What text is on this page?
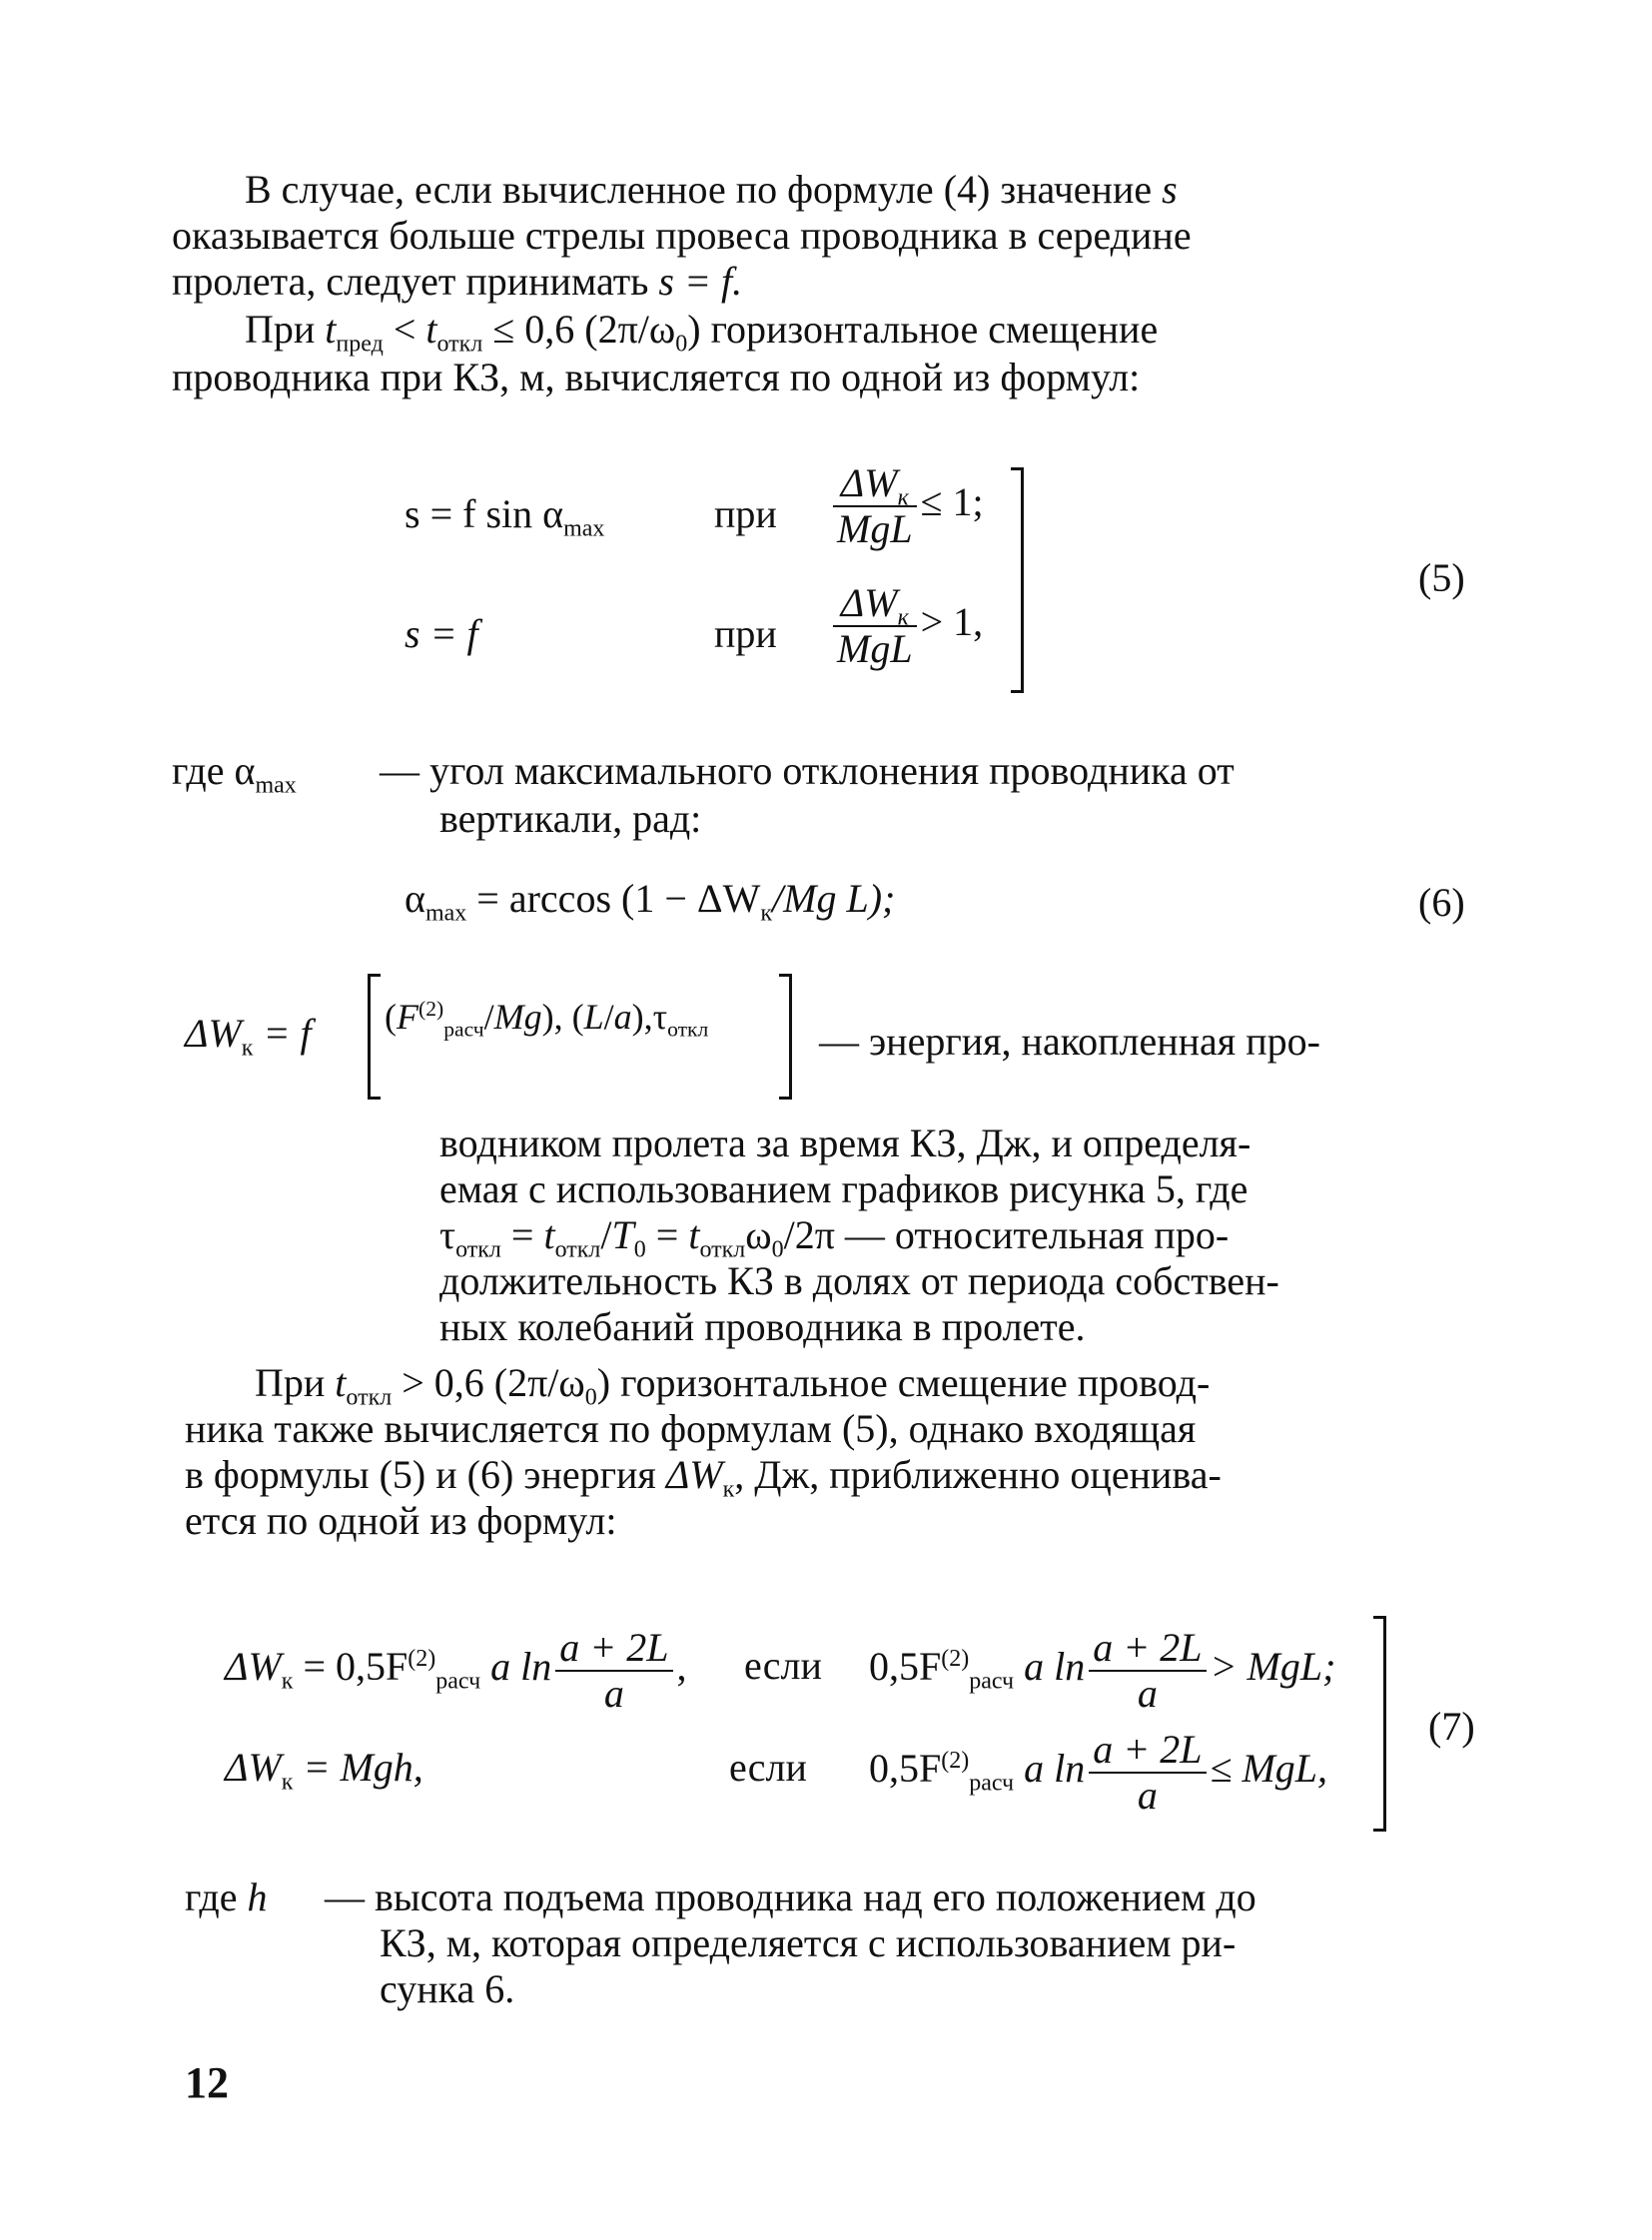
В случае, если вычисленное по формуле (4) значение s
оказывается больше стрелы провеса проводника в середине
пролета, следует принимать s = f.
При $t_{пред} < t_{откл} \le 0,6$ $(2\pi/\omega_0)$ горизонтальное смещение
проводника при КЗ, м, вычисляется по одной из формул:
s = f $\sin \alpha_{max}$	при $\frac{\Delta W_к}{\text{MgL}} \le 1$;
s = f	при $\frac{\Delta W_к}{\text{MgL}} > 1$,
(5)
где $\alpha_{max}$ — угол максимального отклонения проводника от
вертикали, рад:
$\alpha_{max} = \arccos (1 - \Delta W_к/Mg$ L);	(6)
$\Delta W_к = f$ $(F^{(2)}_{расч}/Mg)$, $(L/a),\tau_{откл}$	— энергия, накопленная про-
водником пролета за время КЗ, Дж, и определя-
емая с использованием графиков рисунка 5, где
$\tau_{откл} = t_{откл}/T_0 = t_{откл}\omega_0/2\pi$ — относительная про-
должительность КЗ в долях от периода собствен-
ных колебаний проводника в пролете.
При $t_{откл} > 0,6$ $(2\pi/\omega_0)$ горизонтальное смещение провод-
ника также вычисляется по формулам (5), однако входящая
в формулы (5) и (6) энергия $\Delta W_к$, Дж, приближенно оценива-
ется по одной из формул:
$\Delta W_к = 0,5F^{(2)}_{расч}$ a $\ln \frac{a + 2L}{a}$ , если $0,5F^{(2)}_{расч}$ a $\ln \frac{a + 2L}{a}$ > MgL;
$\Delta W_к$ = Mgh,	если $0,5F^{(2)}_{расч}$ a $\ln \frac{a + 2L}{a}$ ≤ MgL,
(7)
где h — высота подъема проводника над его положением до
КЗ, м, которая определяется с использованием ри-
сунка 6.
12
